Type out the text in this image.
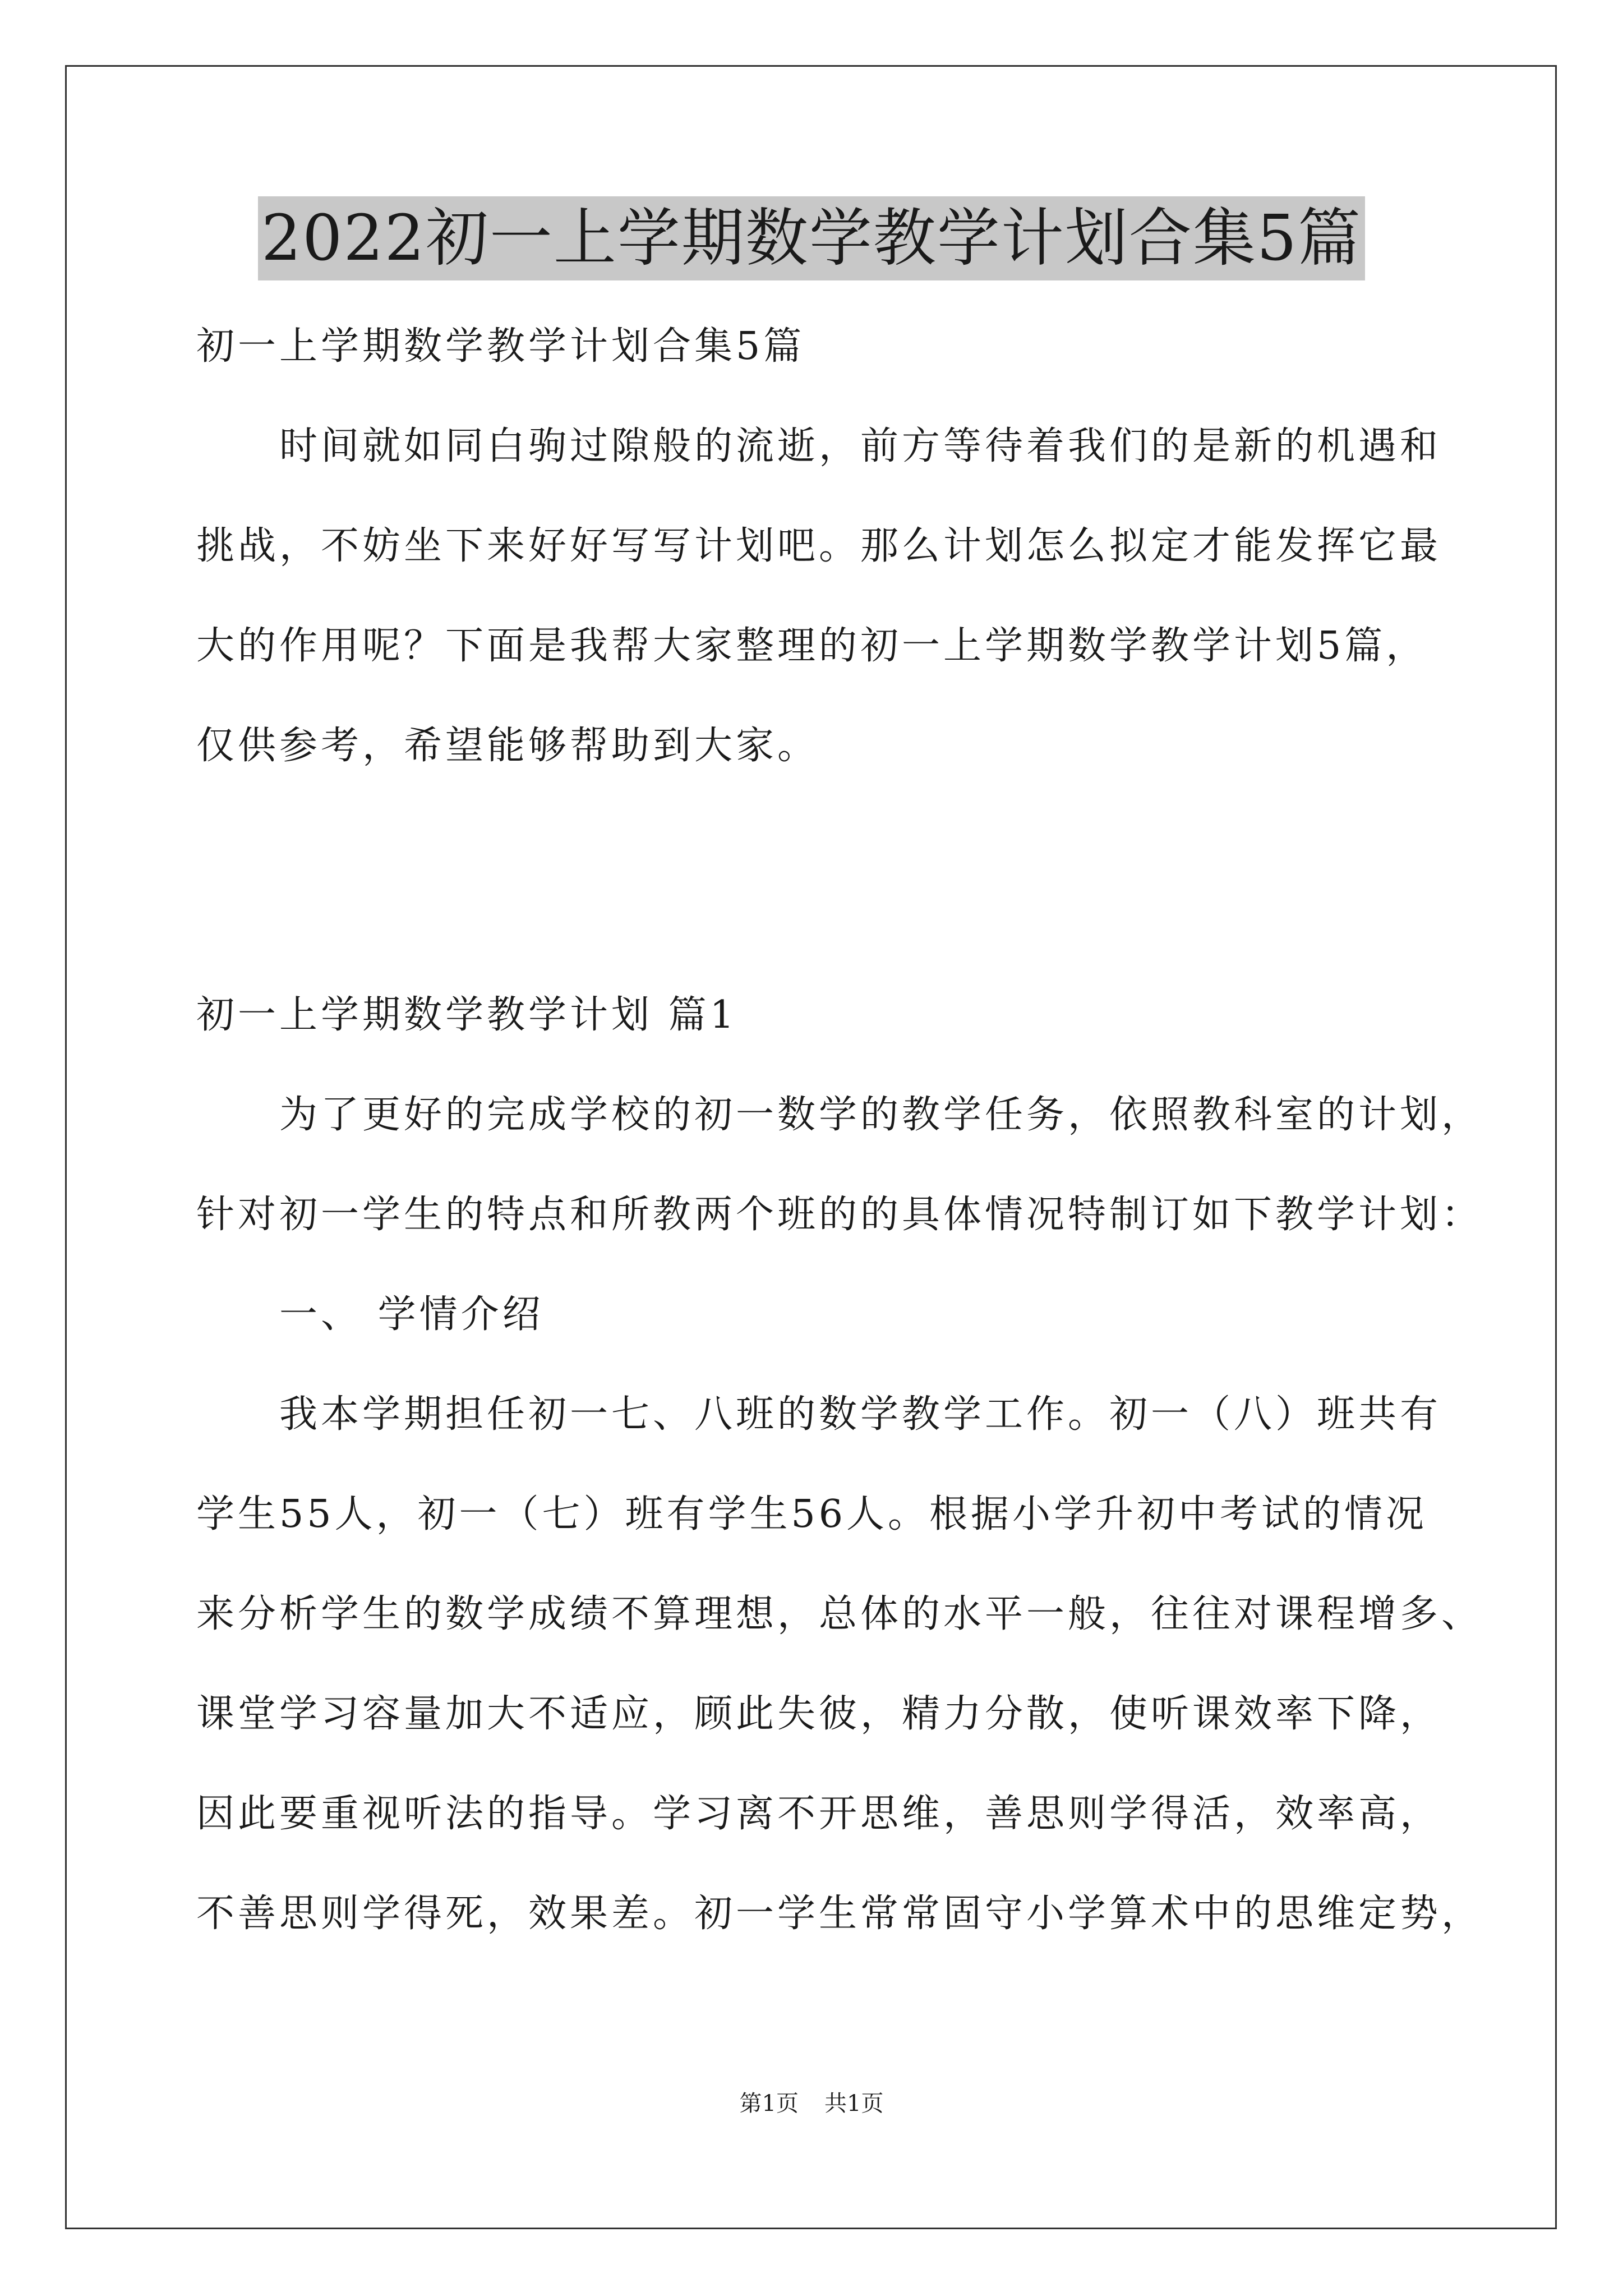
2022初一上学期数学教学计划合集5篇
初一上学期数学教学计划合集5篇
　　时间就如同白驹过隙般的流逝，前方等待着我们的是新的机遇和
挑战，不妨坐下来好好写写计划吧。那么计划怎么拟定才能发挥它最
大的作用呢？下面是我帮大家整理的初一上学期数学教学计划5篇，
仅供参考，希望能够帮助到大家。
初一上学期数学教学计划 篇1
　　为了更好的完成学校的初一数学的教学任务，依照教科室的计划，
针对初一学生的特点和所教两个班的的具体情况特制订如下教学计划：
　　一、 学情介绍
　　我本学期担任初一七、八班的数学教学工作。初一（八）班共有
学生55人，初一（七）班有学生56人。根据小学升初中考试的情况
来分析学生的数学成绩不算理想，总体的水平一般，往往对课程增多、
课堂学习容量加大不适应，顾此失彼，精力分散，使听课效率下降，
因此要重视听法的指导。学习离不开思维，善思则学得活，效率高，
不善思则学得死，效果差。初一学生常常固守小学算术中的思维定势，
第1页 共1页
